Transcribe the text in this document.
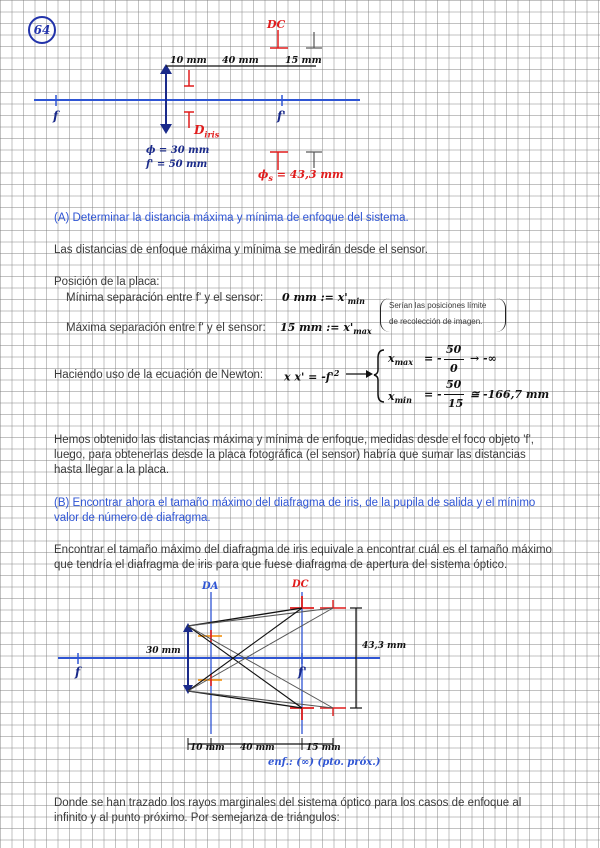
64	DC
10 mm 40 mm	15 mm
f	f'
$D_{iris}$
ϕ = 30 mm
f' = 50 mm
$\phi_s = 43,3$ mm
(A) Determinar la distancia máxima y mínima de enfoque del sistema.
Las distancias de enfoque máxima y mínima se medirán desde el sensor.
Posición de la placa:
Mínima separación entre f' y el sensor: 0 mm := $x'_{min}$
Máxima separación entre f' y el sensor: 15 mm := $x'_{max}$
Serían las posiciones límite
de recolección de imagen.
Haciendo uso de la ecuación de Newton: x $x' = -f'^2$
$x_{max}$ = -
50
0
→ -∞
$x_{min}$ = -
50
15
≅ -166,7 mm
Hemos obtenido las distancias máxima y mínima de enfoque, medidas desde el foco objeto 'f', luego, para obtenerlas desde la placa fotográfica (el sensor) habría que sumar las distancias hasta llegar a la placa.
(B) Encontrar ahora el tamaño máximo del diafragma de iris, de la pupila de salida y el mínimo valor de número de diafragma.
Encontrar el tamaño máximo del diafragma de iris equivale a encontrar cuál es el tamaño máximo que tendría el diafragma de iris para que fuese diafragma de apertura del sistema óptico.
DA	DC
30 mm	43,3 mm
f	f'
10 mm 40 mm	15 mm
enf.: (∞) (pto. próx.)
Donde se han trazado los rayos marginales del sistema óptico para los casos de enfoque al infinito y al punto próximo. Por semejanza de triángulos:
